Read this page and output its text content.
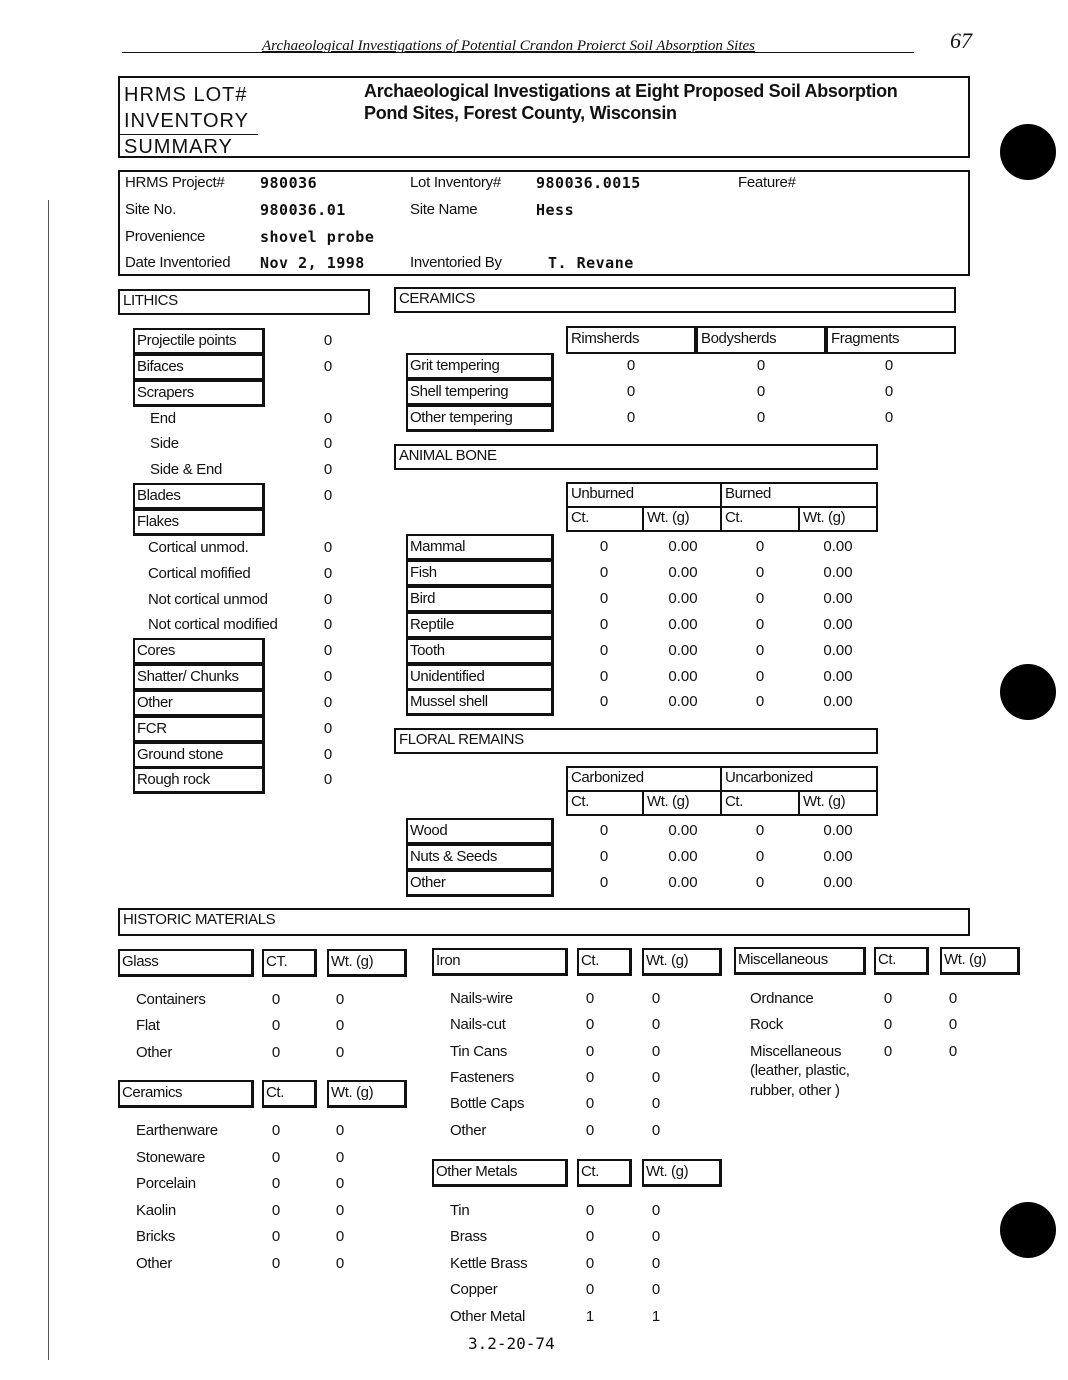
Archaeological Investigations of Potential Crandon Proierct Soil Absorption Sites	67
HRMS LOT#
INVENTORY
SUMMARY
Archaeological Investigations at Eight Proposed Soil Absorption
Pond Sites, Forest County, Wisconsin
HRMS Project# 980036	Lot Inventory# 980036.0015	Feature#
Site No.	980036.01	Site Name	Hess
Provenience	shovel probe
Date Inventoried Nov 2, 1998	Inventoried By	T. Revane
LITHICS	CERAMICS
ANIMAL BONE
FLORAL REMAINS
HISTORIC MATERIALS
Projectile points	0
Bifaces	0
Scrapers
End	0
Side	0
Side & End	0
Blades	0
Flakes
Cortical unmod.	0
Cortical mofified	0
Not cortical unmod	0
Not cortical modified	0
Cores	0
Shatter/ Chunks	0
Other	0
FCR	0
Ground stone	0
Rough rock	0
Rimsherds	Bodysherds	Fragments
Grit tempering	0	0	0
Shell tempering	0	0	0
Other tempering	0	0	0
Unburned	Burned
Ct.	Wt. (g)	Ct.	Wt. (g)
Mammal	0	0.00	0	0.00
Fish	0	0.00	0	0.00
Bird	0	0.00	0	0.00
Reptile	0	0.00	0	0.00
Tooth	0	0.00	0	0.00
Unidentified	0	0.00	0	0.00
Mussel shell	0	0.00	0	0.00
Carbonized	Uncarbonized
Ct.	Wt. (g)	Ct.	Wt. (g)
Wood	0	0.00	0	0.00
Nuts & Seeds	0	0.00	0	0.00
Other	0	0.00	0	0.00
Glass	CT.	Wt. (g)
Containers	0	0
Flat	0	0
Other	0	0
Ceramics	Ct.	Wt. (g)
Earthenware	0	0
Stoneware	0	0
Porcelain	0	0
Kaolin	0	0
Bricks	0	0
Other	0	0
Iron	Ct.	Wt. (g)
Nails-wire	0	0
Nails-cut	0	0
Tin Cans	0	0
Fasteners	0	0
Bottle Caps	0	0
Other	0	0
Other Metals	Ct.	Wt. (g)
Tin	0	0
Brass	0	0
Kettle Brass	0	0
Copper	0	0
Other Metal	1	1
Miscellaneous	Ct.	Wt. (g)
Ordnance	0	0
Rock	0	0
Miscellaneous	0	0
(leather, plastic,
rubber, other )
3.2-20-74
